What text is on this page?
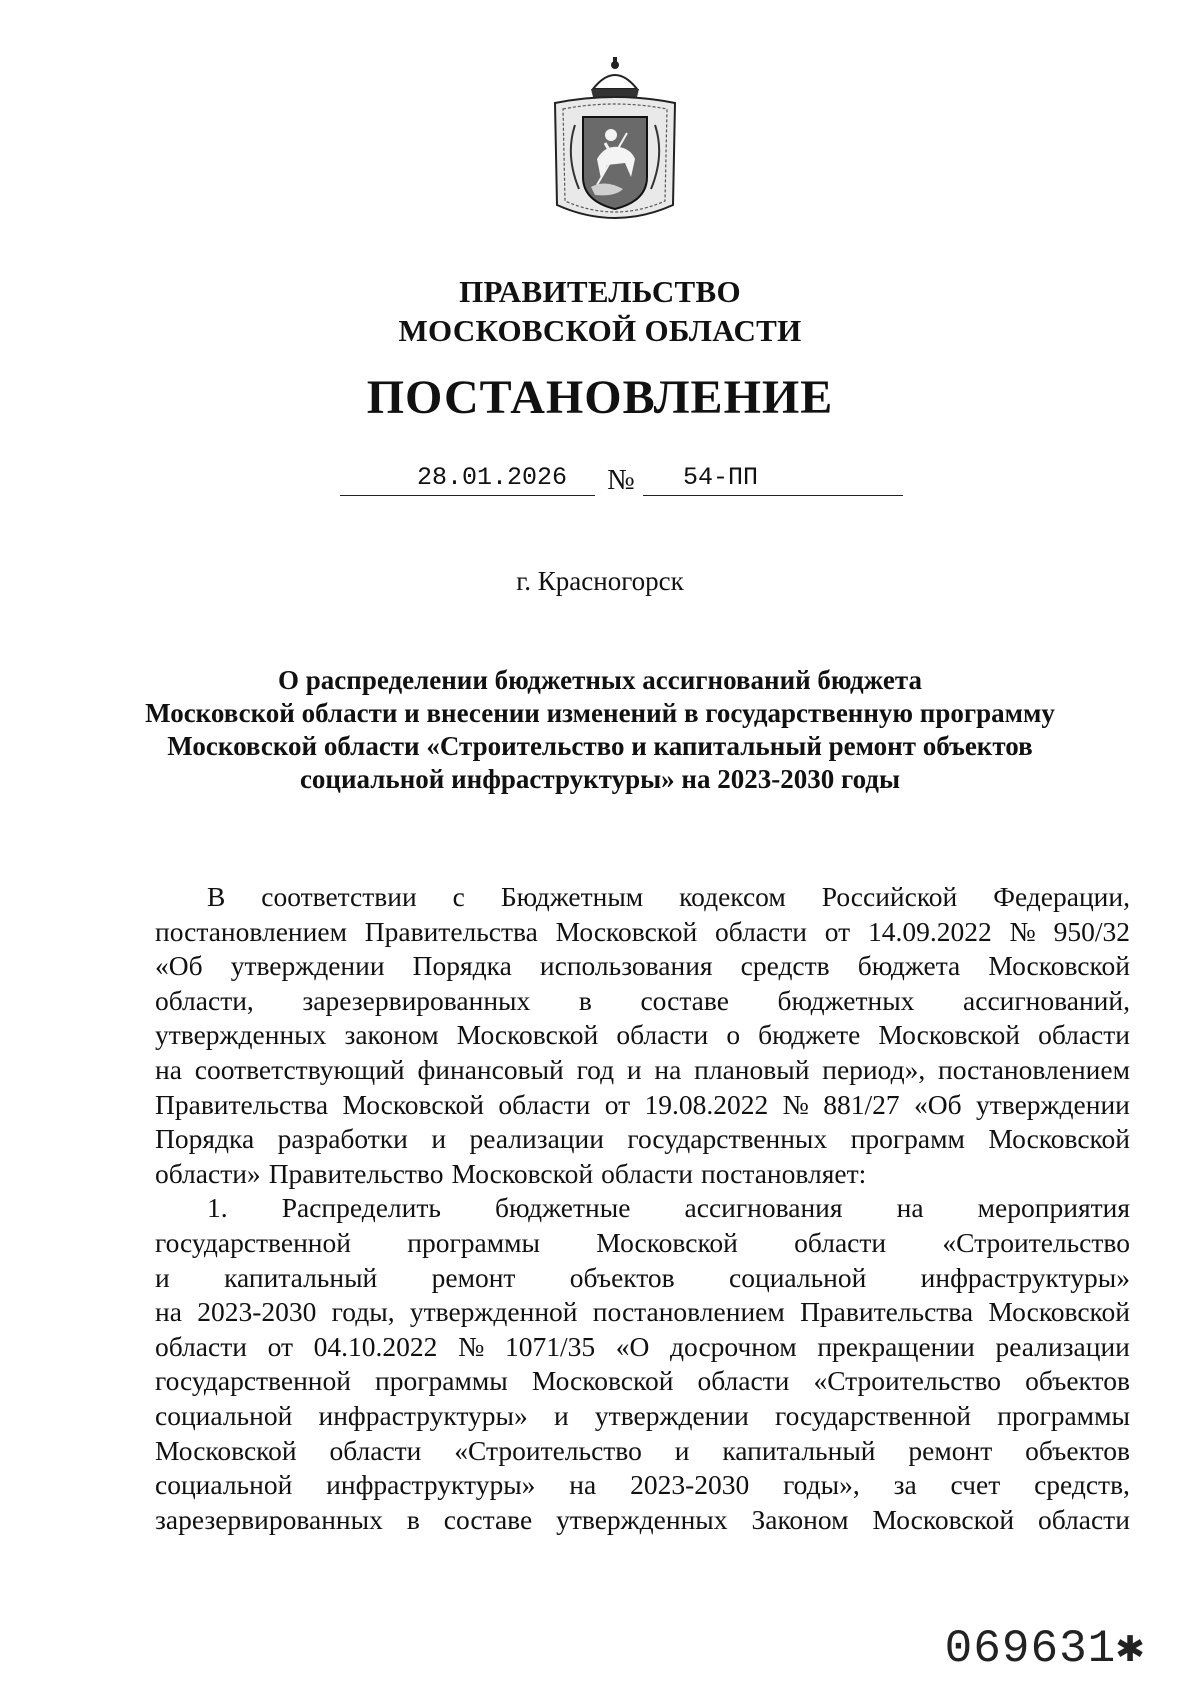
ПРАВИТЕЛЬСТВО
МОСКОВСКОЙ ОБЛАСТИ
ПОСТАНОВЛЕНИЕ
28.01.2026	№	54-ПП
г. Красногорск
О распределении бюджетных ассигнований бюджета
Московской области и внесении изменений в государственную программу
Московской области «Строительство и капитальный ремонт объектов
социальной инфраструктуры» на 2023-2030 годы
В соответствии с Бюджетным кодексом Российской Федерации,
постановлением Правительства Московской области от 14.09.2022 № 950/32
«Об утверждении Порядка использования средств бюджета Московской
области, зарезервированных в составе бюджетных ассигнований,
утвержденных законом Московской области о бюджете Московской области
на соответствующий финансовый год и на плановый период», постановлением
Правительства Московской области от 19.08.2022 № 881/27 «Об утверждении
Порядка разработки и реализации государственных программ Московской
области» Правительство Московской области постановляет:
1. Распределить бюджетные ассигнования на мероприятия
государственной программы Московской области «Строительство
и капитальный ремонт объектов социальной инфраструктуры»
на 2023-2030 годы, утвержденной постановлением Правительства Московской
области от 04.10.2022 № 1071/35 «О досрочном прекращении реализации
государственной программы Московской области «Строительство объектов
социальной инфраструктуры» и утверждении государственной программы
Московской области «Строительство и капитальный ремонт объектов
социальной инфраструктуры» на 2023-2030 годы», за счет средств,
зарезервированных в составе утвержденных Законом Московской области
069631✱
